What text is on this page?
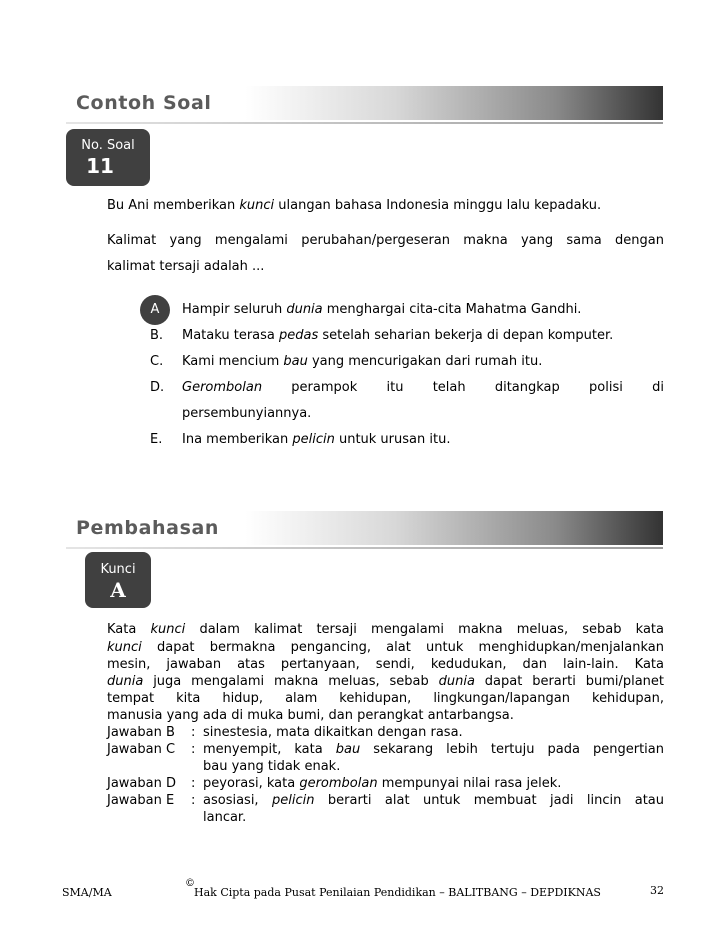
Contoh Soal
No. Soal
11
Bu Ani memberikan kunci ulangan bahasa Indonesia minggu lalu kepadaku.
Kalimat yang mengalami perubahan/pergeseran makna yang sama dengan
kalimat tersaji adalah ...
A	Hampir seluruh dunia menghargai cita-cita Mahatma Gandhi.
B. Mataku terasa pedas setelah seharian bekerja di depan komputer.
C. Kami mencium bau yang mencurigakan dari rumah itu.
D. Gerombolan perampok itu telah ditangkap polisi di
persembunyiannya.
E. Ina memberikan pelicin untuk urusan itu.
Pembahasan
Kunci
A
Kata kunci dalam kalimat tersaji mengalami makna meluas, sebab kata
kunci dapat bermakna pengancing, alat untuk menghidupkan/menjalankan
mesin, jawaban atas pertanyaan, sendi, kedudukan, dan lain-lain. Kata
dunia juga mengalami makna meluas, sebab dunia dapat berarti bumi/planet
tempat kita hidup, alam kehidupan, lingkungan/lapangan kehidupan,
manusia yang ada di muka bumi, dan perangkat antarbangsa.
Jawaban B : sinestesia, mata dikaitkan dengan rasa.
Jawaban C : menyempit, kata bau sekarang lebih tertuju pada pengertian
bau yang tidak enak.
Jawaban D : peyorasi, kata gerombolan mempunyai nilai rasa jelek.
Jawaban E : asosiasi, pelicin berarti alat untuk membuat jadi lincin atau
lancar.
SMA/MA
©
Hak Cipta pada Pusat Penilaian Pendidikan – BALITBANG – DEPDIKNAS	32
